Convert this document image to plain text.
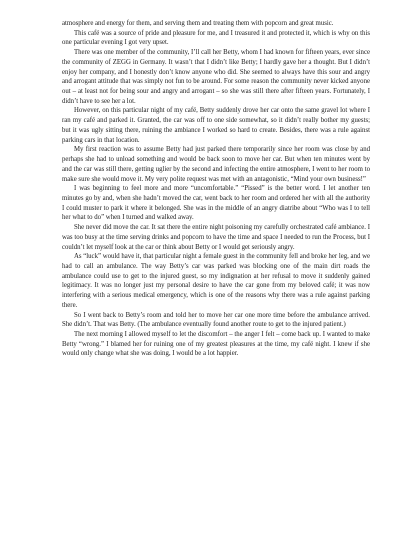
atmosphere and energy for them, and serving them and treating them with popcorn and great music.

This café was a source of pride and pleasure for me, and I treasured it and protected it, which is why on this one particular evening I got very upset.

There was one member of the community, I’ll call her Betty, whom I had known for fifteen years, ever since the community of ZEGG in Germany. It wasn’t that I didn’t like Betty; I hardly gave her a thought. But I didn’t enjoy her company, and I honestly don’t know anyone who did. She seemed to always have this sour and angry and arrogant attitude that was simply not fun to be around. For some reason the community never kicked anyone out – at least not for being sour and angry and arrogant – so she was still there after fifteen years. Fortunately, I didn’t have to see her a lot.

However, on this particular night of my café, Betty suddenly drove her car onto the same gravel lot where I ran my café and parked it. Granted, the car was off to one side somewhat, so it didn’t really bother my guests; but it was ugly sitting there, ruining the ambiance I worked so hard to create. Besides, there was a rule against parking cars in that location.

My first reaction was to assume Betty had just parked there temporarily since her room was close by and perhaps she had to unload something and would be back soon to move her car. But when ten minutes went by and the car was still there, getting uglier by the second and infecting the entire atmosphere, I went to her room to make sure she would move it. My very polite request was met with an antagonistic, “Mind your own business!”

I was beginning to feel more and more “uncomfortable.” “Pissed” is the better word. I let another ten minutes go by and, when she hadn’t moved the car, went back to her room and ordered her with all the authority I could muster to park it where it belonged. She was in the middle of an angry diatribe about “Who was I to tell her what to do” when I turned and walked away.

She never did move the car. It sat there the entire night poisoning my carefully orchestrated café ambiance. I was too busy at the time serving drinks and popcorn to have the time and space I needed to run the Process, but I couldn’t let myself look at the car or think about Betty or I would get seriously angry.

As “luck” would have it, that particular night a female guest in the community fell and broke her leg, and we had to call an ambulance. The way Betty’s car was parked was blocking one of the main dirt roads the ambulance could use to get to the injured guest, so my indignation at her refusal to move it suddenly gained legitimacy. It was no longer just my personal desire to have the car gone from my beloved café; it was now interfering with a serious medical emergency, which is one of the reasons why there was a rule against parking there.

So I went back to Betty’s room and told her to move her car one more time before the ambulance arrived. She didn’t. That was Betty. (The ambulance eventually found another route to get to the injured patient.)

The next morning I allowed myself to let the discomfort – the anger I felt – come back up. I wanted to make Betty “wrong.” I blamed her for ruining one of my greatest pleasures at the time, my café night. I knew if she would only change what she was doing, I would be a lot happier.
